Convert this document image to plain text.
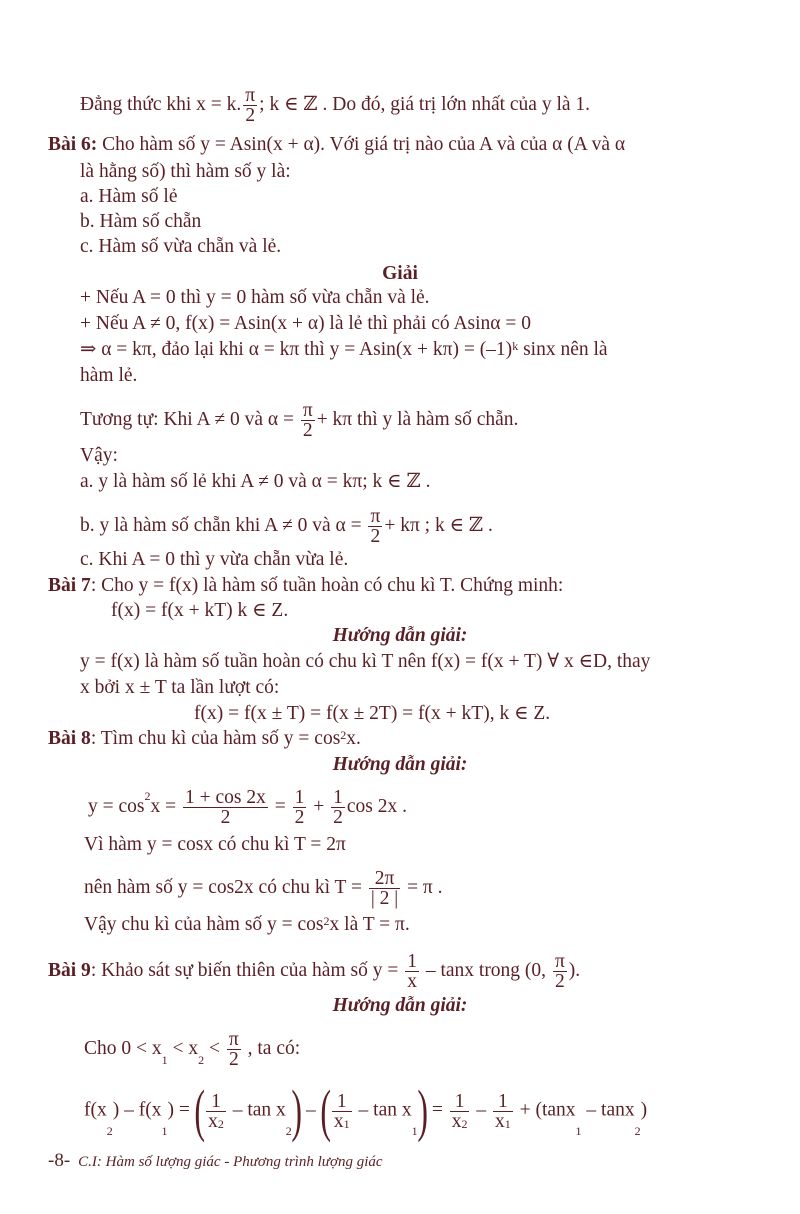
Đẳng thức khi x = k. $\frac{\pi}{2}$ ; k ∈ ℤ . Do đó, giá trị lớn nhất của y là 1.
Bài 6: Cho hàm số y = Asin(x + α). Với giá trị nào của A và của α (A và α
là hằng số) thì hàm số y là:
a. Hàm số lẻ
b. Hàm số chẵn
c. Hàm số vừa chẵn và lẻ.
Giải
+ Nếu A = 0 thì y = 0 hàm số vừa chẵn và lẻ.
+ Nếu A ≠ 0, f(x) = Asin(x + α) là lẻ thì phải có Asinα = 0
⇒ α = kπ, đảo lại khi α = kπ thì $y = Asin(x + k\pi) = (-1)^k$ sinx nên là
hàm lẻ.
Tương tự: Khi A ≠ 0 và $\alpha = \frac{\pi}{2} + k\pi$ thì y là hàm số chẵn.
Vậy:
a. y là hàm số lẻ khi A ≠ 0 và α = kπ; k ∈ ℤ .
b. y là hàm số chẵn khi A ≠ 0 và $\alpha = \frac{\pi}{2} + k\pi$ ; k ∈ ℤ .
c. Khi A = 0 thì y vừa chẵn vừa lẻ.
Bài 7: Cho y = f(x) là hàm số tuần hoàn có chu kì T. Chứng minh:
f(x) = f(x + kT) k ∈ Z.
Hướng dẫn giải:
y = f(x) là hàm số tuần hoàn có chu kì T nên f(x) = f(x + T) ∀ x ∈D, thay
x bởi x ± T ta lần lượt có:
f(x) = f(x ± T) = f(x ± 2T) = f(x + kT), k ∈ Z.
Bài 8: Tìm chu kì của hàm số $y = \cos^2x$.
Hướng dẫn giải:
$y = \cos^2x = \frac{1 + \cos 2x}{2} = \frac{1}{2} + \frac{1}{2}$ cos 2x .
Vì hàm y = cosx có chu kì T = 2π
nên hàm số y = cos2x có chu kì $T = \frac{2\pi}{| 2 |} = \pi$ .
Vậy chu kì của hàm số $y = \cos^2x$ là T = π.
Bài 9: Khảo sát sự biến thiên của hàm số $y = \frac{1}{x} - \tan x$ trong (0, $\frac{\pi}{2}$ ).
Hướng dẫn giải:
Cho $0 < x_1 < x_2 < \frac{\pi}{2}$ , ta có:
$f(x_2) - f(x_1)$ = ( $\frac{1}{x_2}$ – $\tan x_2$) – ( $\frac{1}{x_1} - \tan x_1) = \frac{1}{x_2} - \frac{1}{x_1} + (\tan x_1 - \tan x_2)$
-8- C.I: Hàm số lượng giác - Phương trình lượng giác
